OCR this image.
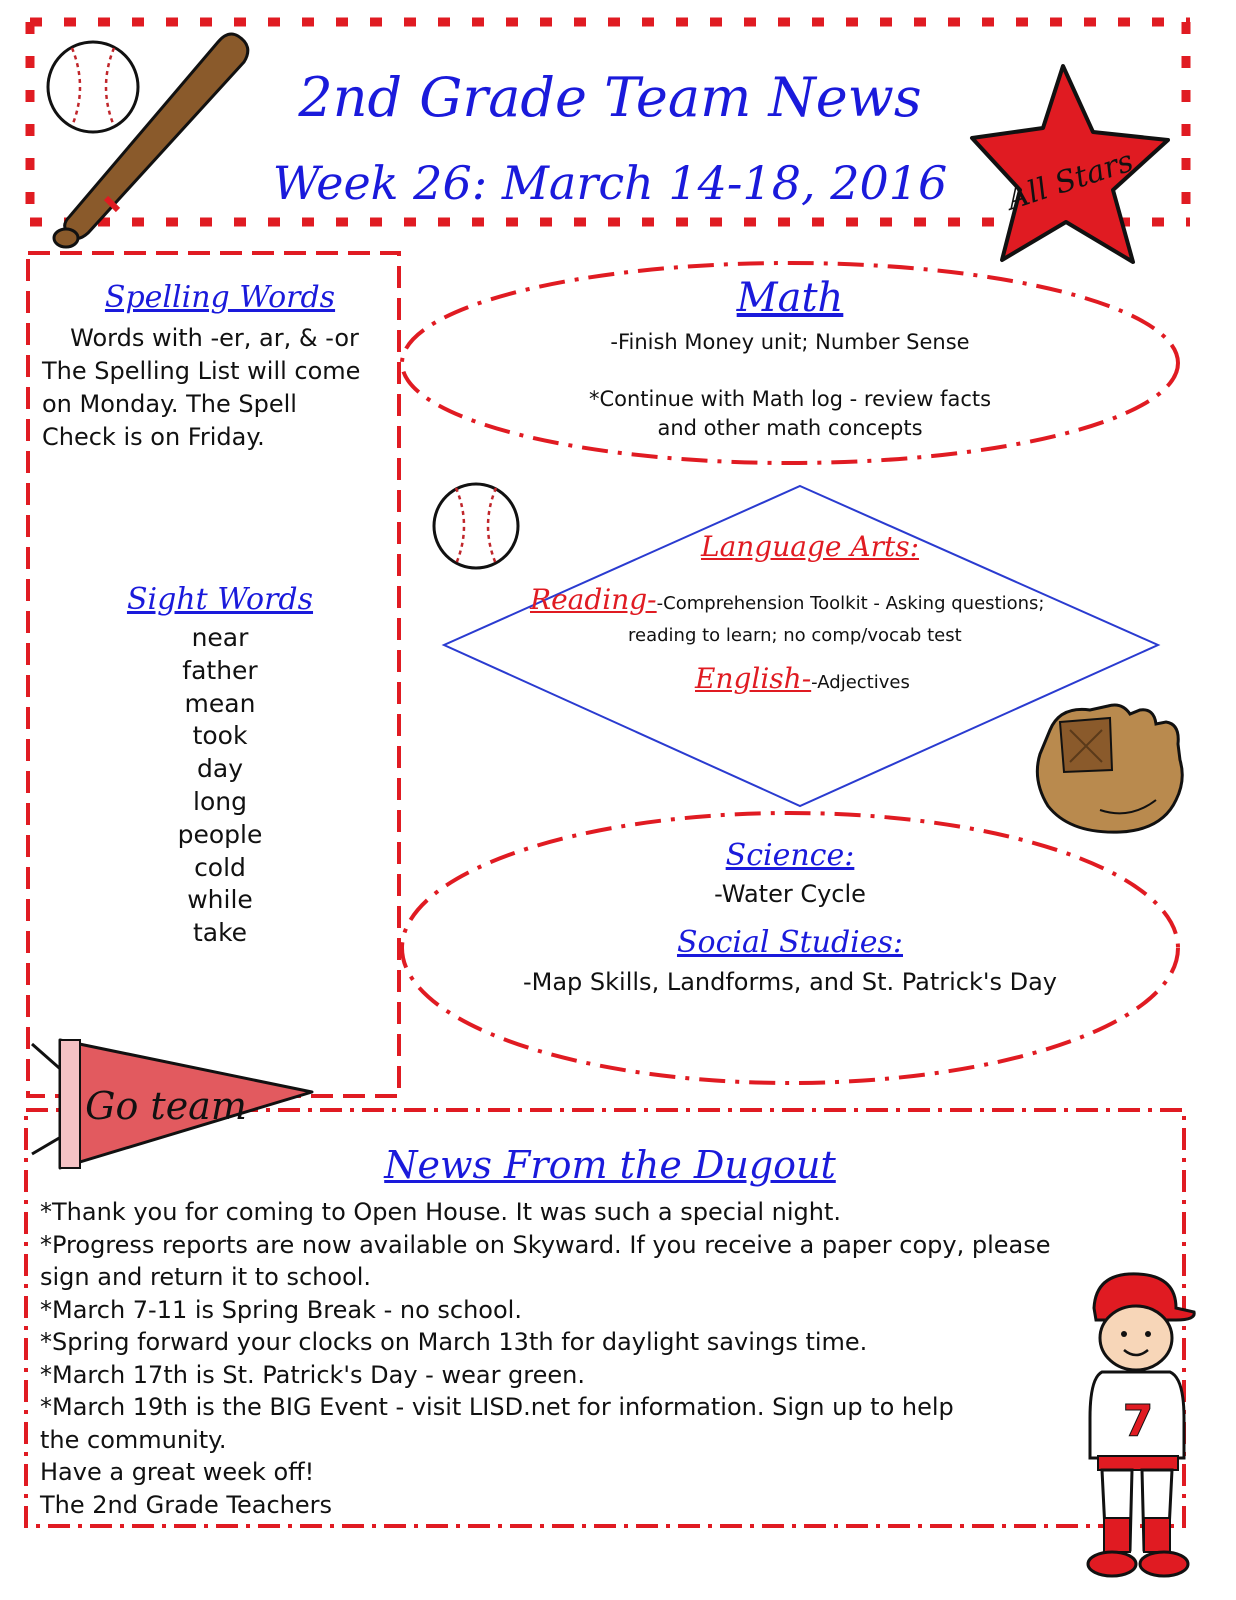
All Stars
2nd Grade Team News
Week 26: March 14-18, 2016
Spelling Words
Words with -er, ar, & -or
The Spelling List will come
on Monday. The Spell
Check is on Friday.
Sight Words
near
father
mean
took
day
long
people
cold
while
take
Math
-Finish Money unit; Number Sense
*Continue with Math log - review facts
and other math concepts
Language Arts:
Reading--Comprehension Toolkit - Asking questions;
reading to learn; no comp/vocab test
English--Adjectives
Science:
-Water Cycle
Social Studies:
-Map Skills, Landforms, and St. Patrick's Day
Go team
News From the Dugout
*Thank you for coming to Open House. It was such a special night.
*Progress reports are now available on Skyward. If you receive a paper copy, please
sign and return it to school.
*March 7-11 is Spring Break - no school.
*Spring forward your clocks on March 13th for daylight savings time.
*March 17th is St. Patrick's Day - wear green.
*March 19th is the BIG Event - visit LISD.net for information. Sign up to help
the community.
Have a great week off!
The 2nd Grade Teachers
7
